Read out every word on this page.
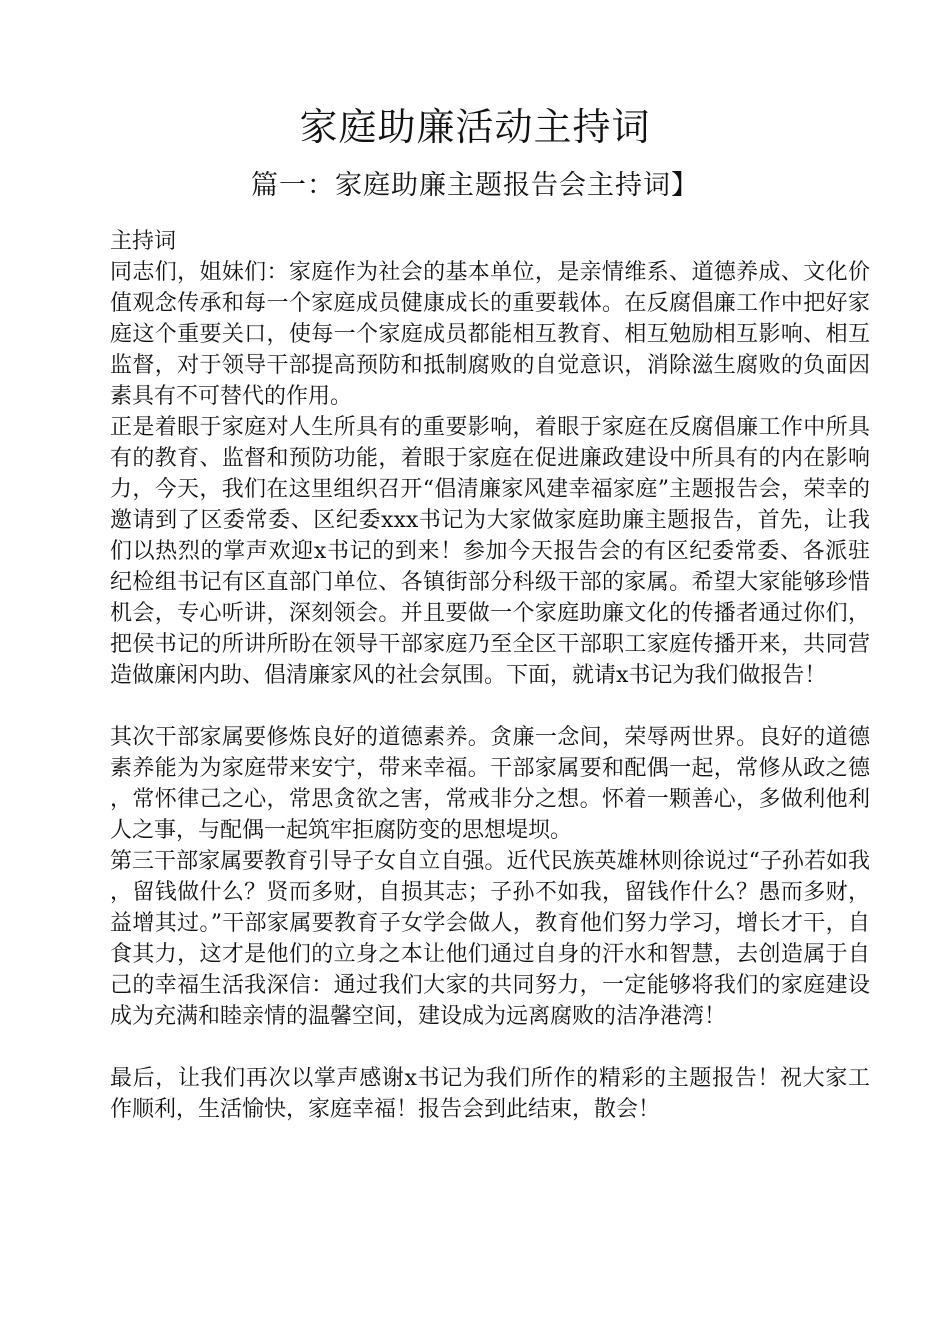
家庭助廉活动主持词
篇一：家庭助廉主题报告会主持词】

主持词

同志们，姐妹们：家庭作为社会的基本单位，是亲情维系、道德养成、文化价值观念传承和每一个家庭成员健康成长的重要载体。在反腐倡廉工作中把好家庭这个重要关口，使每一个家庭成员都能相互教育、相互勉励相互影响、相互监督，对于领导干部提高预防和抵制腐败的自觉意识，消除滋生腐败的负面因素具有不可替代的作用。

正是着眼于家庭对人生所具有的重要影响，着眼于家庭在反腐倡廉工作中所具有的教育、监督和预防功能，着眼于家庭在促进廉政建设中所具有的内在影响力，今天，我们在这里组织召开“倡清廉家风建幸福家庭”主题报告会，荣幸的邀请到了区委常委、区纪委xxx书记为大家做家庭助廉主题报告，首先，让我们以热烈的掌声欢迎x书记的到来！参加今天报告会的有区纪委常委、各派驻纪检组书记有区直部门单位、各镇街部分科级干部的家属。希望大家能够珍惜机会，专心听讲，深刻领会。并且要做一个家庭助廉文化的传播者通过你们，把侯书记的所讲所盼在领导干部家庭乃至全区干部职工家庭传播开来，共同营造做廉闲内助、倡清廉家风的社会氛围。下面，就请x书记为我们做报告！

其次干部家属要修炼良好的道德素养。贪廉一念间，荣辱两世界。良好的道德素养能为为家庭带来安宁，带来幸福。干部家属要和配偶一起，常修从政之德，常怀律己之心，常思贪欲之害，常戒非分之想。怀着一颗善心，多做利他利人之事，与配偶一起筑牢拒腐防变的思想堤坝。

第三干部家属要教育引导子女自立自强。近代民族英雄林则徐说过“子孙若如我，留钱做什么？贤而多财，自损其志；子孙不如我，留钱作什么？愚而多财，益增其过。”干部家属要教育子女学会做人，教育他们努力学习，增长才干，自食其力，这才是他们的立身之本让他们通过自身的汗水和智慧，去创造属于自己的幸福生活我深信：通过我们大家的共同努力，一定能够将我们的家庭建设成为充满和睦亲情的温馨空间，建设成为远离腐败的洁净港湾！

最后，让我们再次以掌声感谢x书记为我们所作的精彩的主题报告！祝大家工作顺利，生活愉快，家庭幸福！报告会到此结束，散会！
